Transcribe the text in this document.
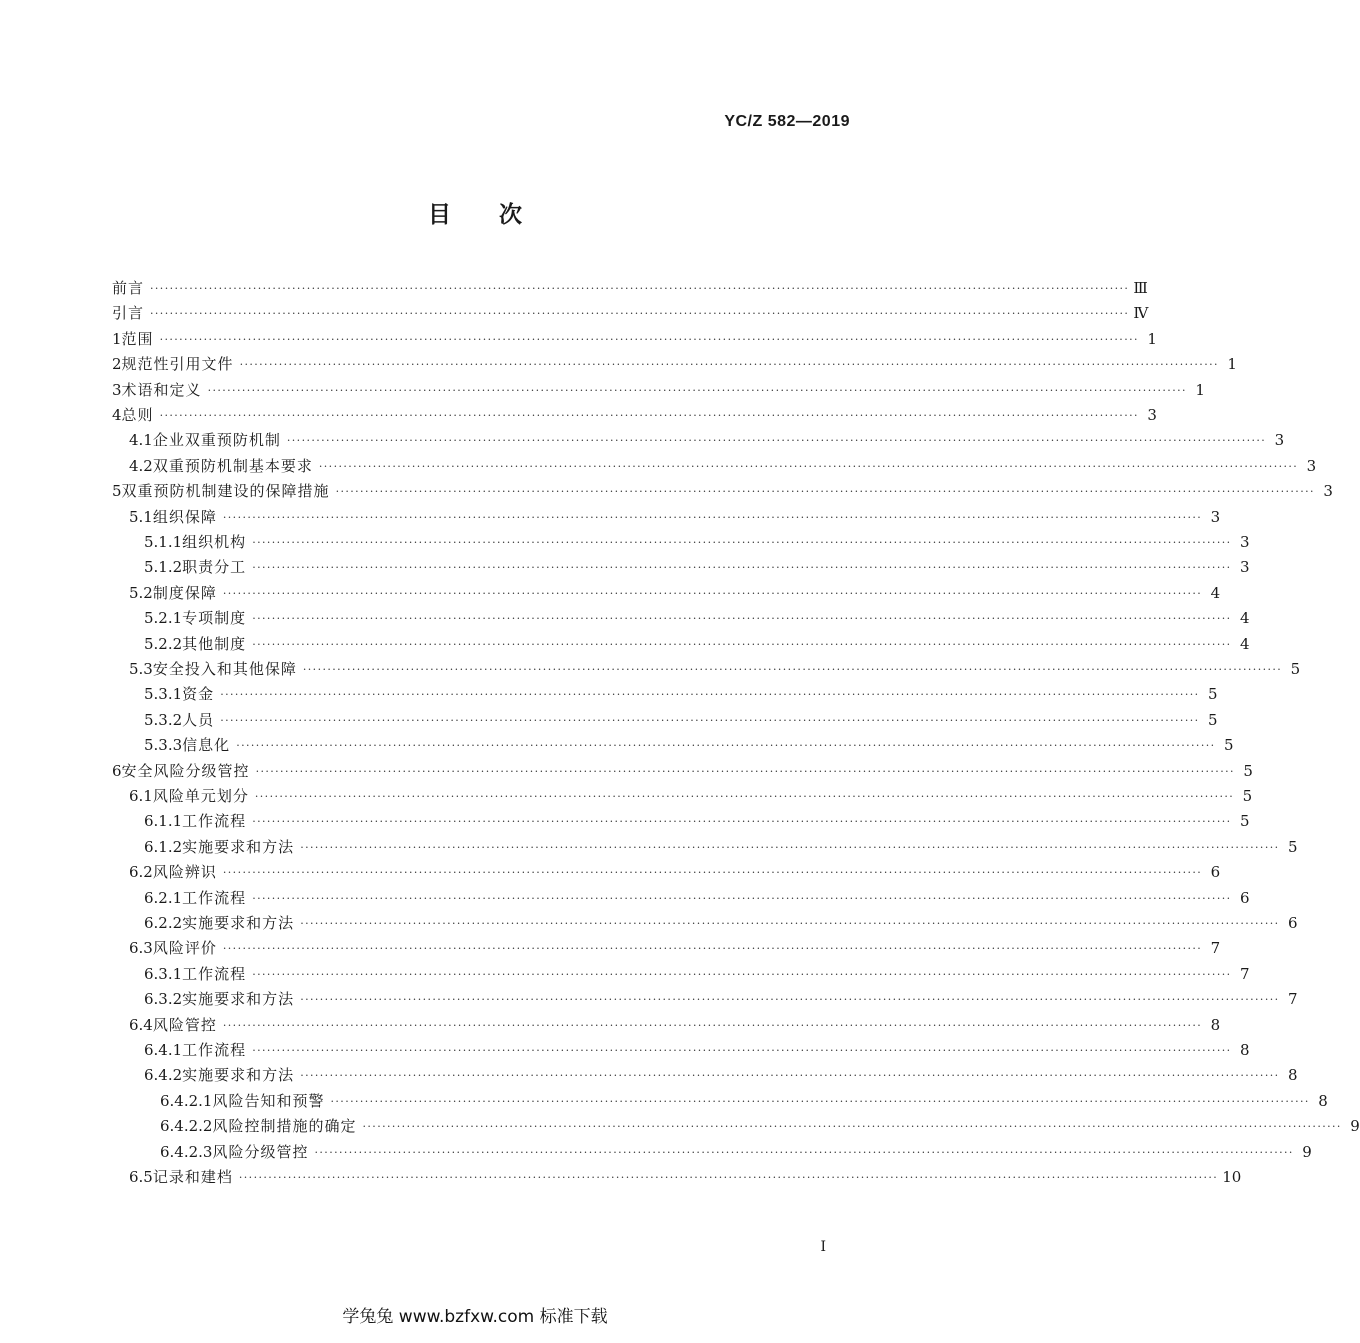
YC/Z 582—2019
目次
前言 ········································································································································································································ Ⅲ
引言 ········································································································································································································ Ⅳ
1 范围 ········································································································································································································ 1
2 规范性引用文件 ········································································································································································································ 1
3 术语和定义 ········································································································································································································ 1
4 总则 ········································································································································································································ 3
4.1 企业双重预防机制 ········································································································································································································ 3
4.2 双重预防机制基本要求 ········································································································································································································ 3
5 双重预防机制建设的保障措施 ········································································································································································································ 3
5.1 组织保障 ········································································································································································································ 3
5.1.1 组织机构 ········································································································································································································ 3
5.1.2 职责分工 ········································································································································································································ 3
5.2 制度保障 ········································································································································································································ 4
5.2.1 专项制度 ········································································································································································································ 4
5.2.2 其他制度 ········································································································································································································ 4
5.3 安全投入和其他保障 ········································································································································································································ 5
5.3.1 资金 ········································································································································································································ 5
5.3.2 人员 ········································································································································································································ 5
5.3.3 信息化 ········································································································································································································ 5
6 安全风险分级管控 ········································································································································································································ 5
6.1 风险单元划分 ········································································································································································································ 5
6.1.1 工作流程 ········································································································································································································ 5
6.1.2 实施要求和方法 ········································································································································································································ 5
6.2 风险辨识 ········································································································································································································ 6
6.2.1 工作流程 ········································································································································································································ 6
6.2.2 实施要求和方法 ········································································································································································································ 6
6.3 风险评价 ········································································································································································································ 7
6.3.1 工作流程 ········································································································································································································ 7
6.3.2 实施要求和方法 ········································································································································································································ 7
6.4 风险管控 ········································································································································································································ 8
6.4.1 工作流程 ········································································································································································································ 8
6.4.2 实施要求和方法 ········································································································································································································ 8
6.4.2.1 风险告知和预警 ········································································································································································································ 8
6.4.2.2 风险控制措施的确定 ········································································································································································································ 9
6.4.2.3 风险分级管控 ········································································································································································································ 9
6.5 记录和建档 ········································································································································································································ 10
I
学兔兔 www.bzfxw.com 标准下载
